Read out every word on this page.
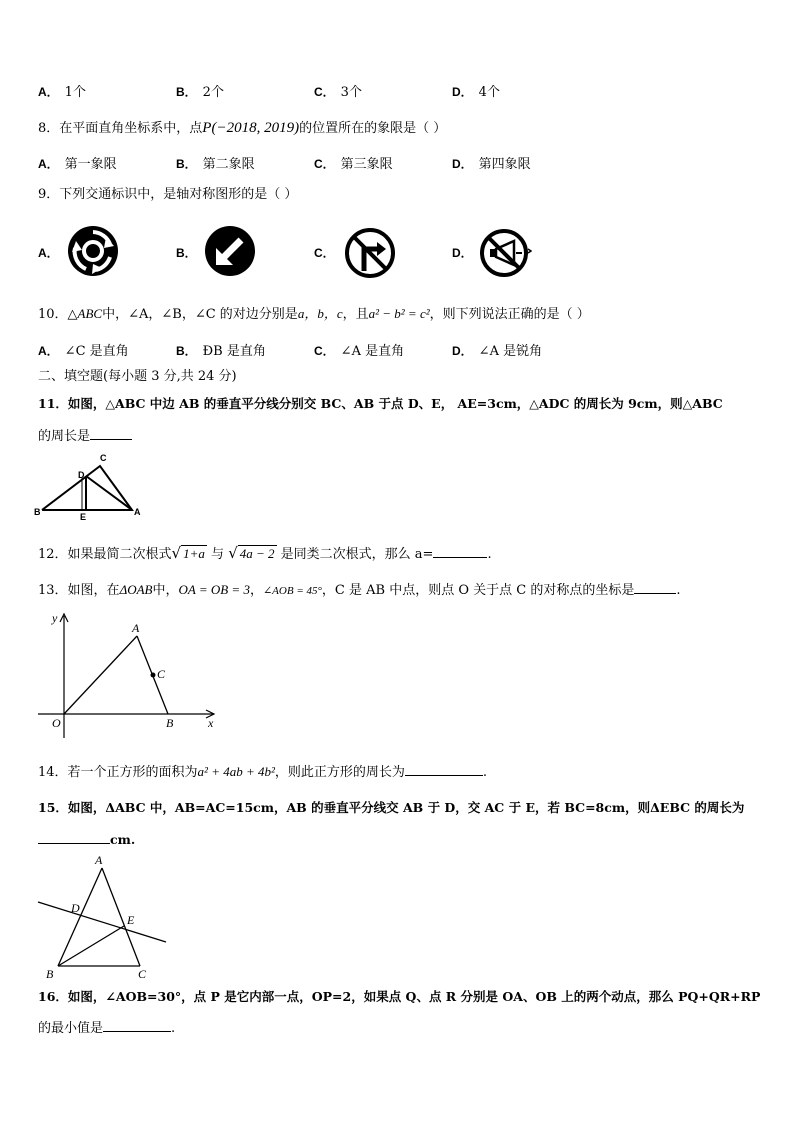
A． 1个	B． 2个	C． 3个	D． 4个
8．在平面直角坐标系中，点P(−2018, 2019)的位置所在的象限是（ ）
A． 第一象限	B． 第二象限	C． 第三象限	D． 第四象限
9．下列交通标识中，是轴对称图形的是（ ）
A．	B．	C．	D．
10．△ABC中，∠A，∠B，∠C 的对边分别是a，b，c，且a² − b² = c²，则下列说法正确的是（ ）
A． ∠C 是直角	B． ÐB 是直角	C． ∠A 是直角	D． ∠A 是锐角
二、填空题(每小题 3 分,共 24 分)
11．如图，△ABC 中边 AB 的垂直平分线分别交 BC、AB 于点 D、E， AE=3cm，△ADC 的周长为 9cm，则△ABC
的周长是
C
D
B	E	A
12．如果最简二次根式√ 1+a 与 √ 4a − 2 是同类二次根式，那么 a=	.
13．如图，在ΔOAB中，OA = OB = 3，∠AOB = 45°，C 是 AB 中点，则点 O 关于点 C 的对称点的坐标是	.
y
A
C
O	B	x
14．若一个正方形的面积为a² + 4ab + 4b²，则此正方形的周长为	.
15．如图，ΔABC 中，AB=AC=15cm，AB 的垂直平分线交 AB 于 D，交 AC 于 E，若 BC=8cm，则ΔEBC 的周长为
cm.
A
D
E
B	C
16．如图，∠AOB=30°，点 P 是它内部一点，OP=2，如果点 Q、点 R 分别是 OA、OB 上的两个动点，那么 PQ+QR+RP
的最小值是	.
